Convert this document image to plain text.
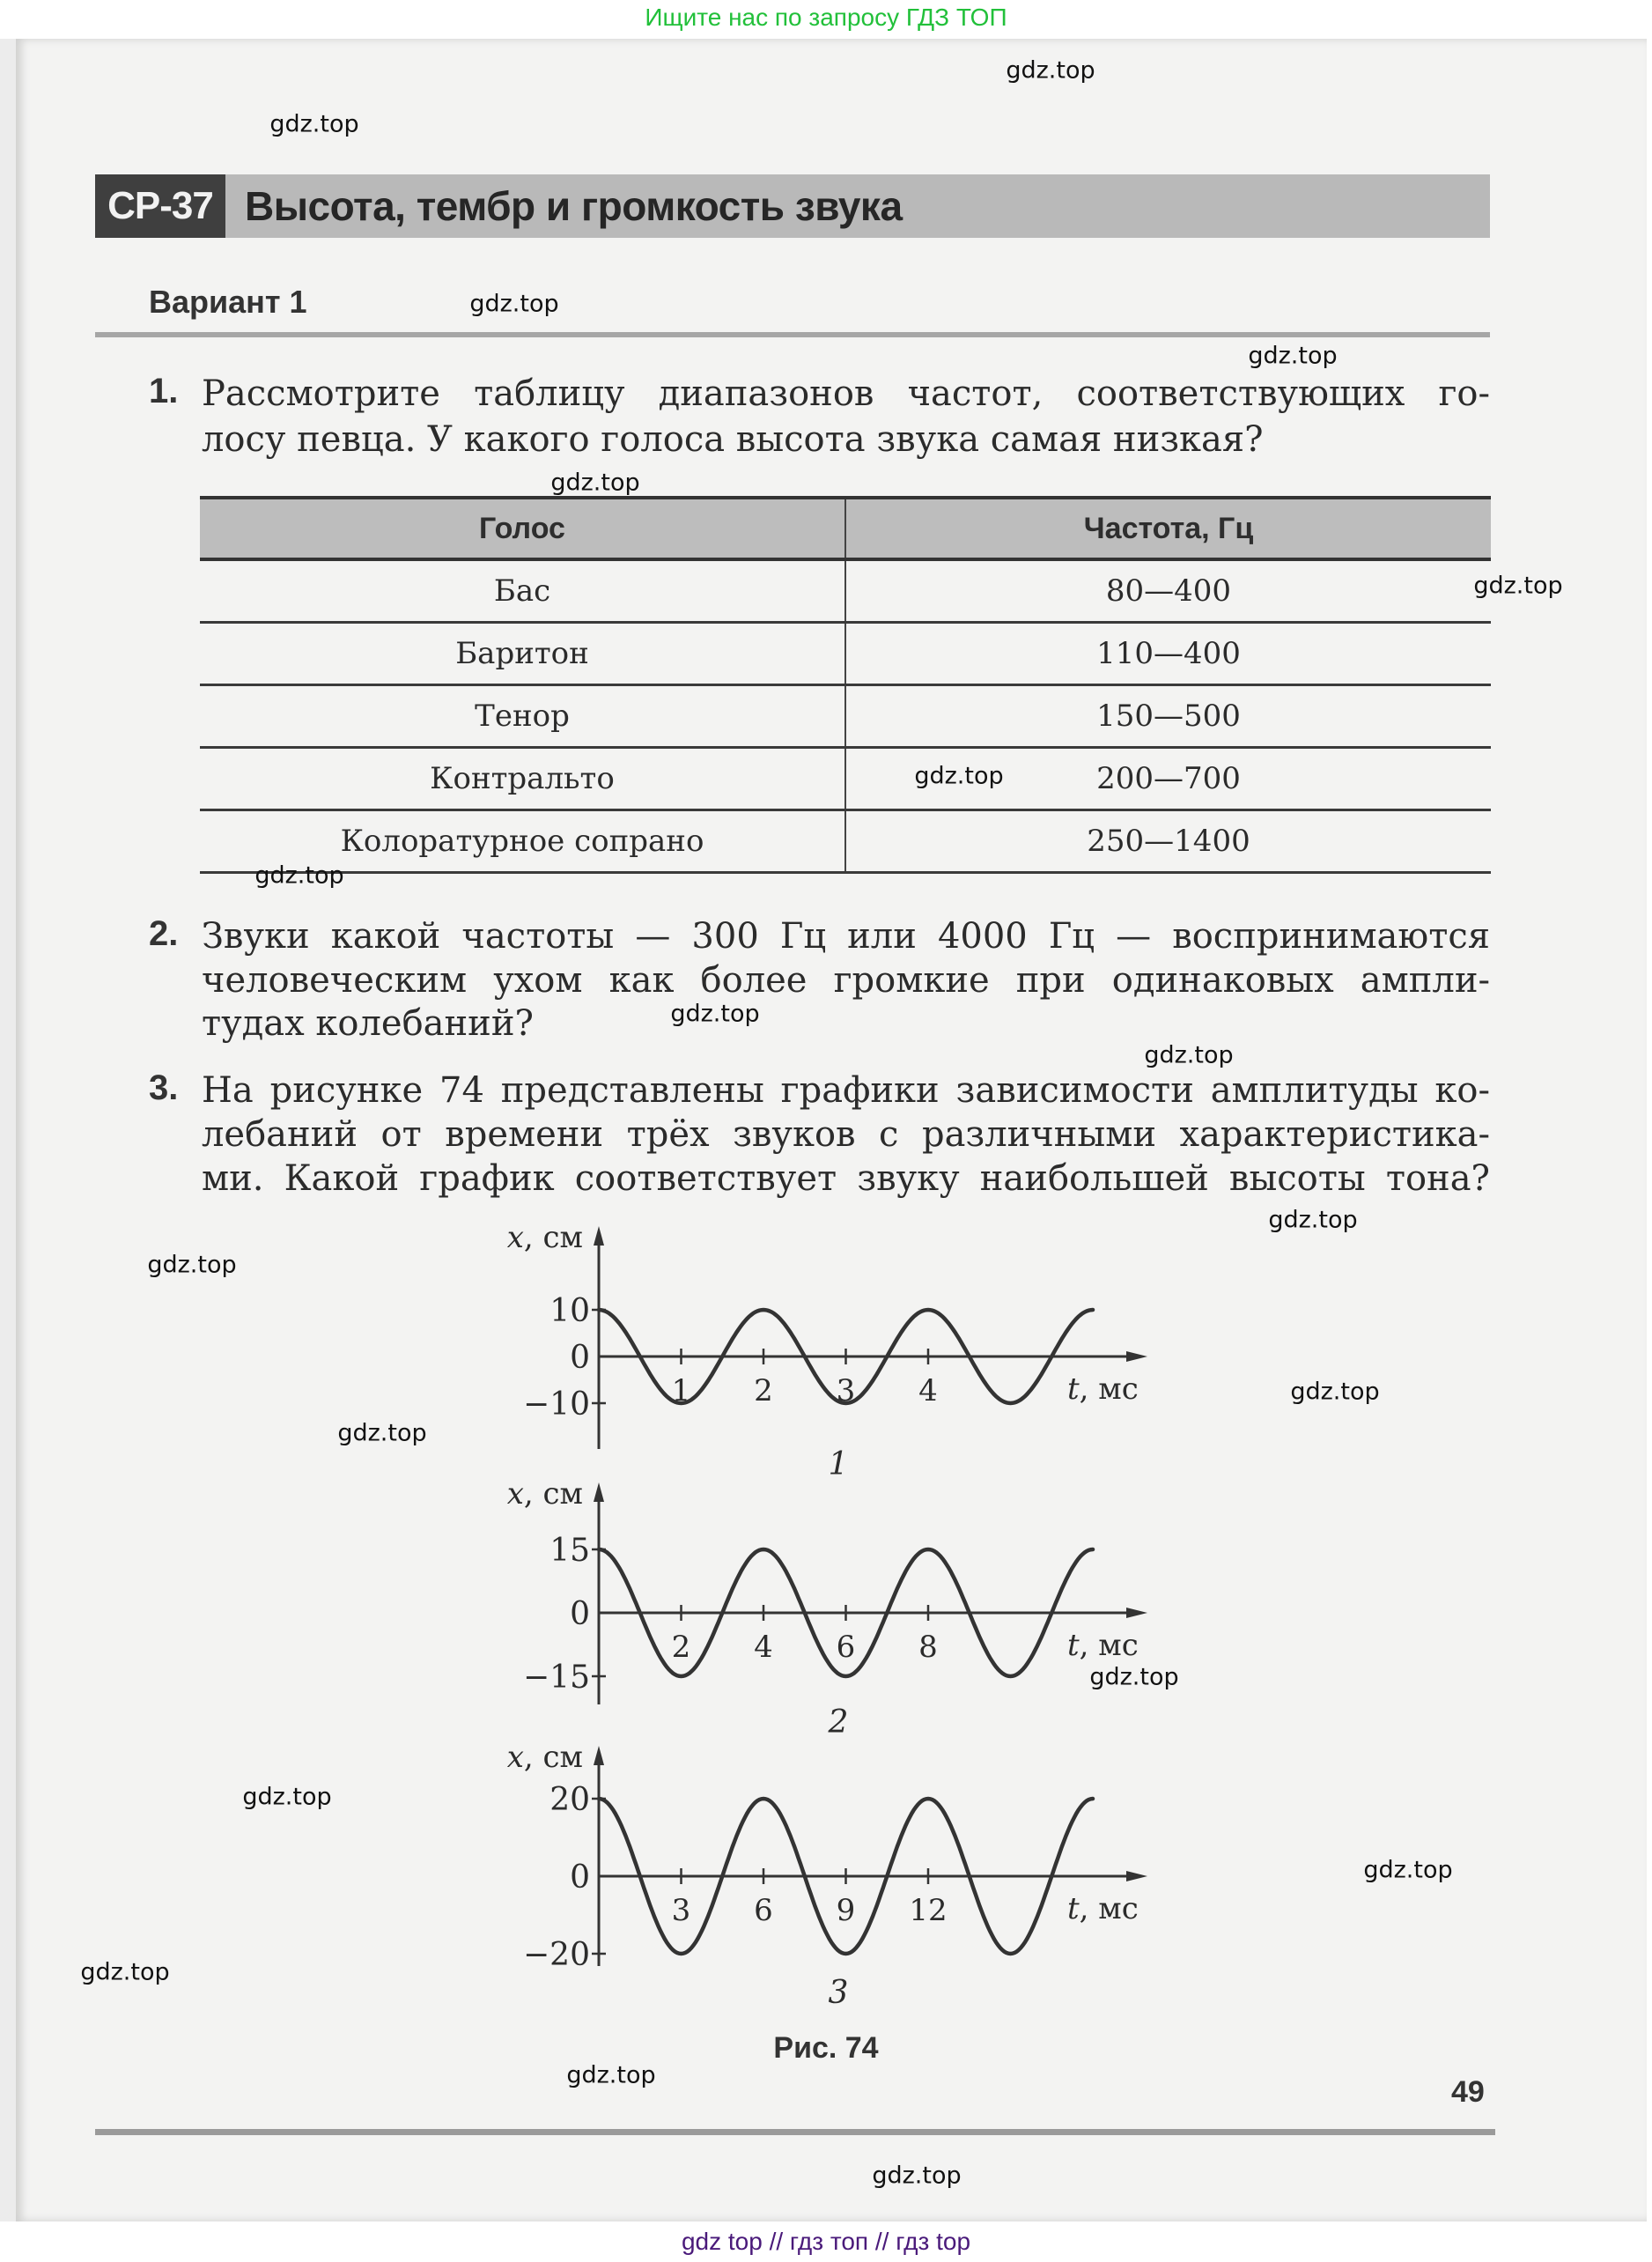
Ищите нас по запросу ГДЗ ТОП
СР-37 Высота, тембр и громкость звука
Вариант 1
1. Рассмотрите таблицу диапазонов частот, соответствующих го-
лосу певца. У какого голоса высота звука самая низкая?
Голос	Частота, Гц
Бас	80—400
Баритон	110—400
Тенор	150—500
Контральто	200—700
Колоратурное сопрано	250—1400
2. Звуки какой частоты — 300 Гц или 4000 Гц — воспринимаются
человеческим ухом как более громкие при одинаковых ампли-
тудах колебаний?
3. На рисунке 74 представлены графики зависимости амплитуды ко-
лебаний от времени трёх звуков с различными характеристика-
ми. Какой график соответствует звуку наибольшей высоты тона?
x, см
t, мс
10
0
−10	1 2 3 4
1
x, см
t, мс
15
0
−15
2 4 6 8
2
x, см
t, мс
20
0
−20
3 6 9 12
3
Рис. 74
49
gdz.top
gdz.top
gdz.top
gdz.top
gdz.top
gdz.top
gdz.top
gdz.top
gdz.top
gdz.top
gdz.top
gdz.top
gdz.top
gdz.top
gdz.top
gdz.top
gdz.top
gdz.top
gdz.top
gdz.top
gdz top // гдз топ // гдз top
